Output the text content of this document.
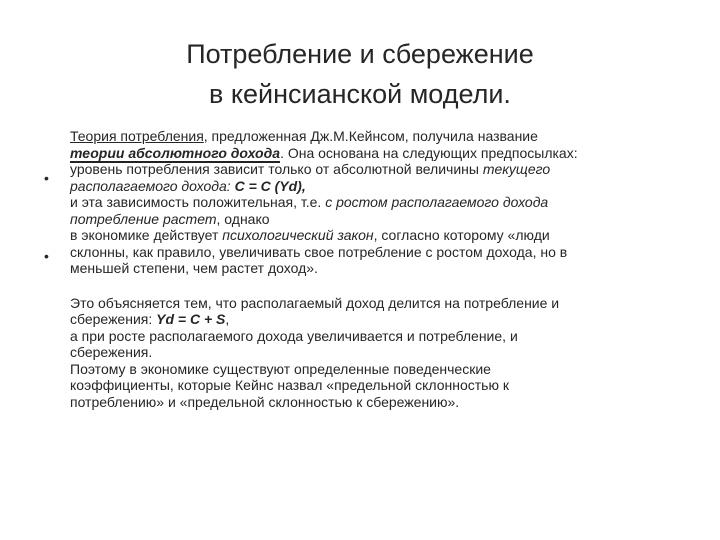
Потребление и сбережение
в кейнсианской модели.
•
•
Теория потребления, предложенная Дж.М.Кейнсом, получила название
теории абсолютного дохода. Она основана на следующих предпосылках:
уровень потребления зависит только от абсолютной величины текущего
располагаемого дохода: С = С (Yd),
и эта зависимость положительная, т.е. с ростом располагаемого дохода
потребление растет, однако
в экономике действует психологический закон, согласно которому «люди
склонны, как правило, увеличивать свое потребление с ростом дохода, но в
меньшей степени, чем растет доход».
Это объясняется тем, что располагаемый доход делится на потребление и
сбережения: Yd = C + S,
а при росте располагаемого дохода увеличивается и потребление, и
сбережения.
Поэтому в экономике существуют определенные поведенческие
коэффициенты, которые Кейнс назвал «предельной склонностью к
потреблению» и «предельной склонностью к сбережению».
